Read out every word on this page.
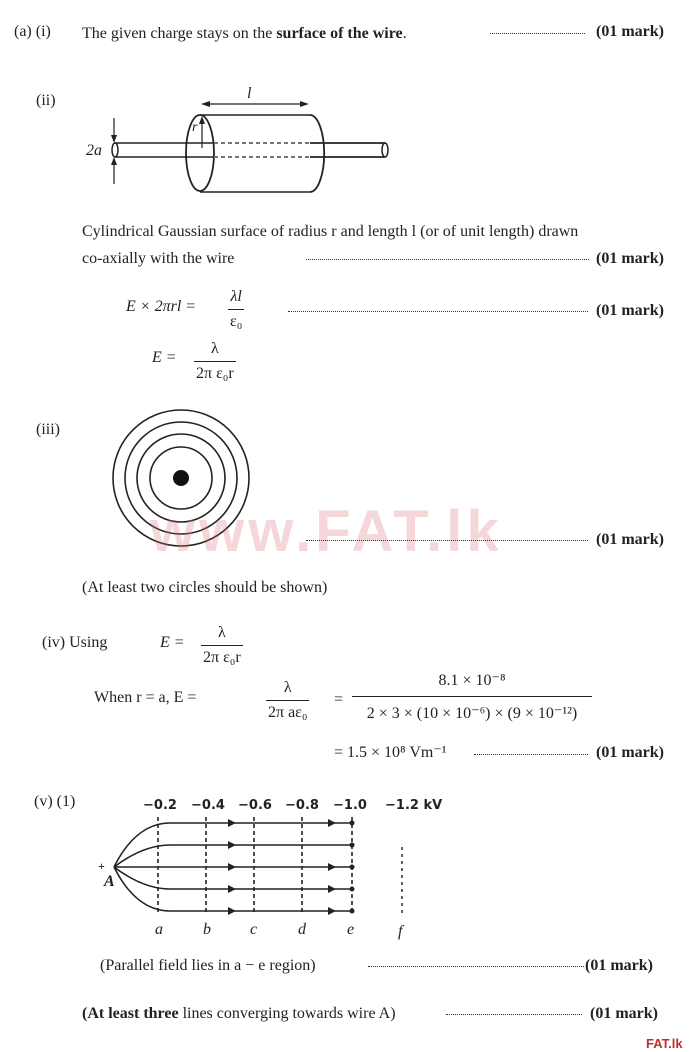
(a) (i) The given charge stays on the surface of the wire.	(01 mark)
(ii)	l
r
2a
Cylindrical Gaussian surface of radius r and length l (or of unit length) drawn
co-axially with the wire	(01 mark)
$E \times 2\pi rl = \frac{\lambda l}{\text{ε₀}}$	(01 mark)
$E = \frac{\lambda}{\text{2π ε₀r}}$
(iii)
www.FAT.lk	(01 mark)
(At least two circles should be shown)
(iv) Using	$E = \frac{\lambda}{\text{2π ε₀r}}$
When r = a, E =	$\frac{\lambda}{\text{2π aε₀}} = \frac{\text{8.1 × 10⁻⁸}}{\text{2 × 3 × (10 × 10⁻⁶) × (9 × 10⁻¹²)}}$
= 1.5 × 10⁸ Vm⁻¹	(01 mark)
(v) (1)	−0.2 −0.4 −0.6 −0.8 −1.0 −1.2 kV
+
A
a	b c	d	e	f
(Parallel field lies in a − e region)	(01 mark)
(At least three lines converging towards wire A)	(01 mark)
FAT.lk
